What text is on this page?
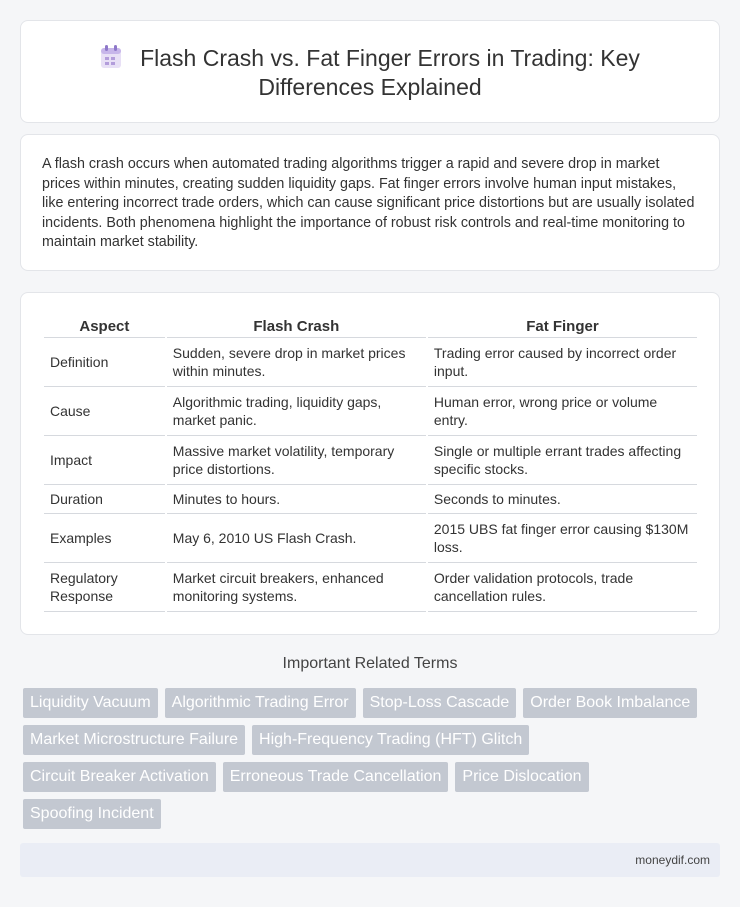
Flash Crash vs. Fat Finger Errors in Trading: Key
Differences Explained

A flash crash occurs when automated trading algorithms trigger a rapid and severe drop in market prices within minutes, creating sudden liquidity gaps. Fat finger errors involve human input mistakes, like entering incorrect trade orders, which can cause significant price distortions but are usually isolated incidents. Both phenomena highlight the importance of robust risk controls and real-time monitoring to maintain market stability.

Aspect	Flash Crash	Fat Finger
Definition	Sudden, severe drop in market prices within minutes.	Trading error caused by incorrect order input.
Cause	Algorithmic trading, liquidity gaps, market panic.	Human error, wrong price or volume entry.
Impact	Massive market volatility, temporary price distortions.	Single or multiple errant trades affecting specific stocks.
Duration	Minutes to hours.	Seconds to minutes.
Examples	May 6, 2010 US Flash Crash.	2015 UBS fat finger error causing $130M loss.
Regulatory Response	Market circuit breakers, enhanced monitoring systems.	Order validation protocols, trade cancellation rules.
Important Related Terms
Liquidity Vacuum	Algorithmic Trading Error	Stop-Loss Cascade	Order Book Imbalance
Market Microstructure Failure	High-Frequency Trading (HFT) Glitch
Circuit Breaker Activation	Erroneous Trade Cancellation	Price Dislocation
Spoofing Incident
moneydif.com
